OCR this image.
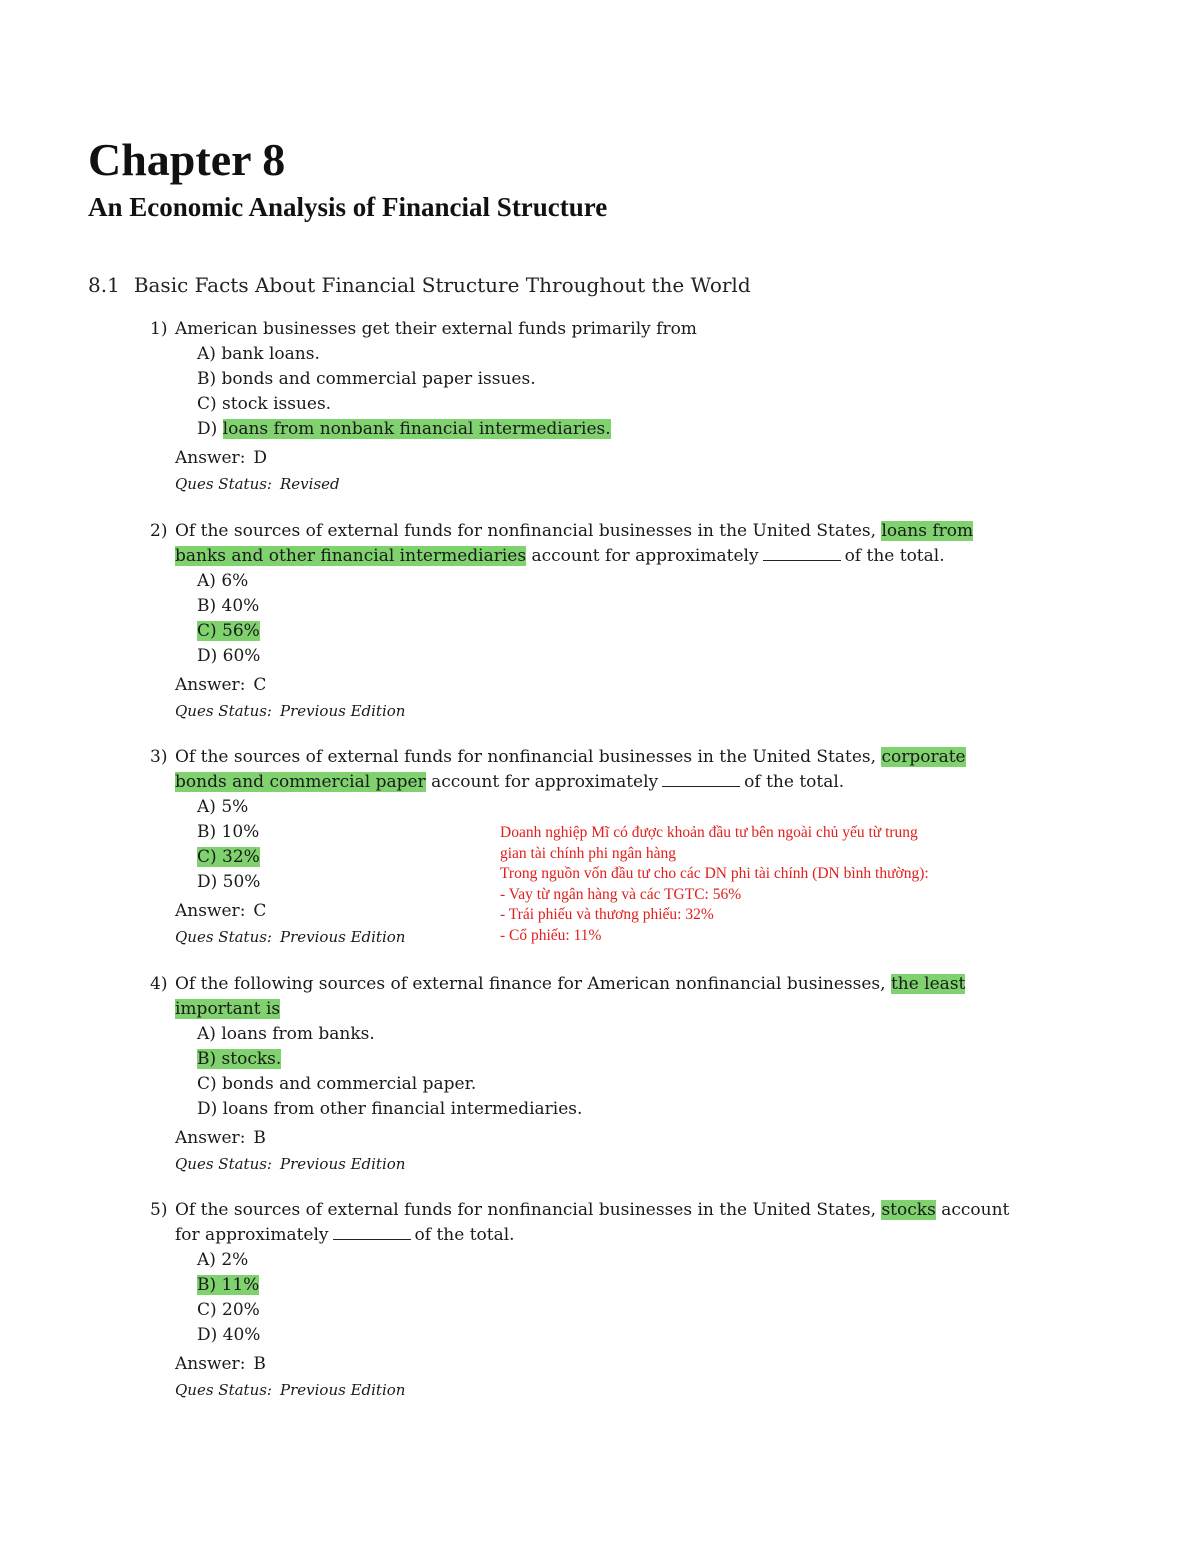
Chapter 8
An Economic Analysis of Financial Structure
8.1 Basic Facts About Financial Structure Throughout the World

1) American businesses get their external funds primarily from

A) bank loans.
B) bonds and commercial paper issues.
C) stock issues.
D) loans from nonbank financial intermediaries.
Answer: D
Ques Status: Revised

2) Of the sources of external funds for nonfinancial businesses in the United States, loans from
banks and other financial intermediaries account for approximately	of the total.

A) 6%
B) 40%
C) 56%
D) 60%
Answer: C
Ques Status: Previous Edition

3) Of the sources of external funds for nonfinancial businesses in the United States, corporate
bonds and commercial paper account for approximately	of the total.

A) 5%
B) 10%
C) 32%
D) 50%
Answer: C
Ques Status: Previous Edition
Doanh nghiệp Mĩ có được khoản đầu tư bên ngoài chủ yếu từ trung
gian tài chính phi ngân hàng
Trong nguồn vốn đầu tư cho các DN phi tài chính (DN bình thường):
- Vay từ ngân hàng và các TGTC: 56%
- Trái phiếu và thương phiếu: 32%
- Cổ phiếu: 11%

4) Of the following sources of external finance for American nonfinancial businesses, the least
important is

A) loans from banks.
B) stocks.
C) bonds and commercial paper.
D) loans from other financial intermediaries.
Answer: B
Ques Status: Previous Edition

5) Of the sources of external funds for nonfinancial businesses in the United States, stocks account
for approximately	of the total.

A) 2%
B) 11%
C) 20%
D) 40%
Answer: B
Ques Status: Previous Edition
